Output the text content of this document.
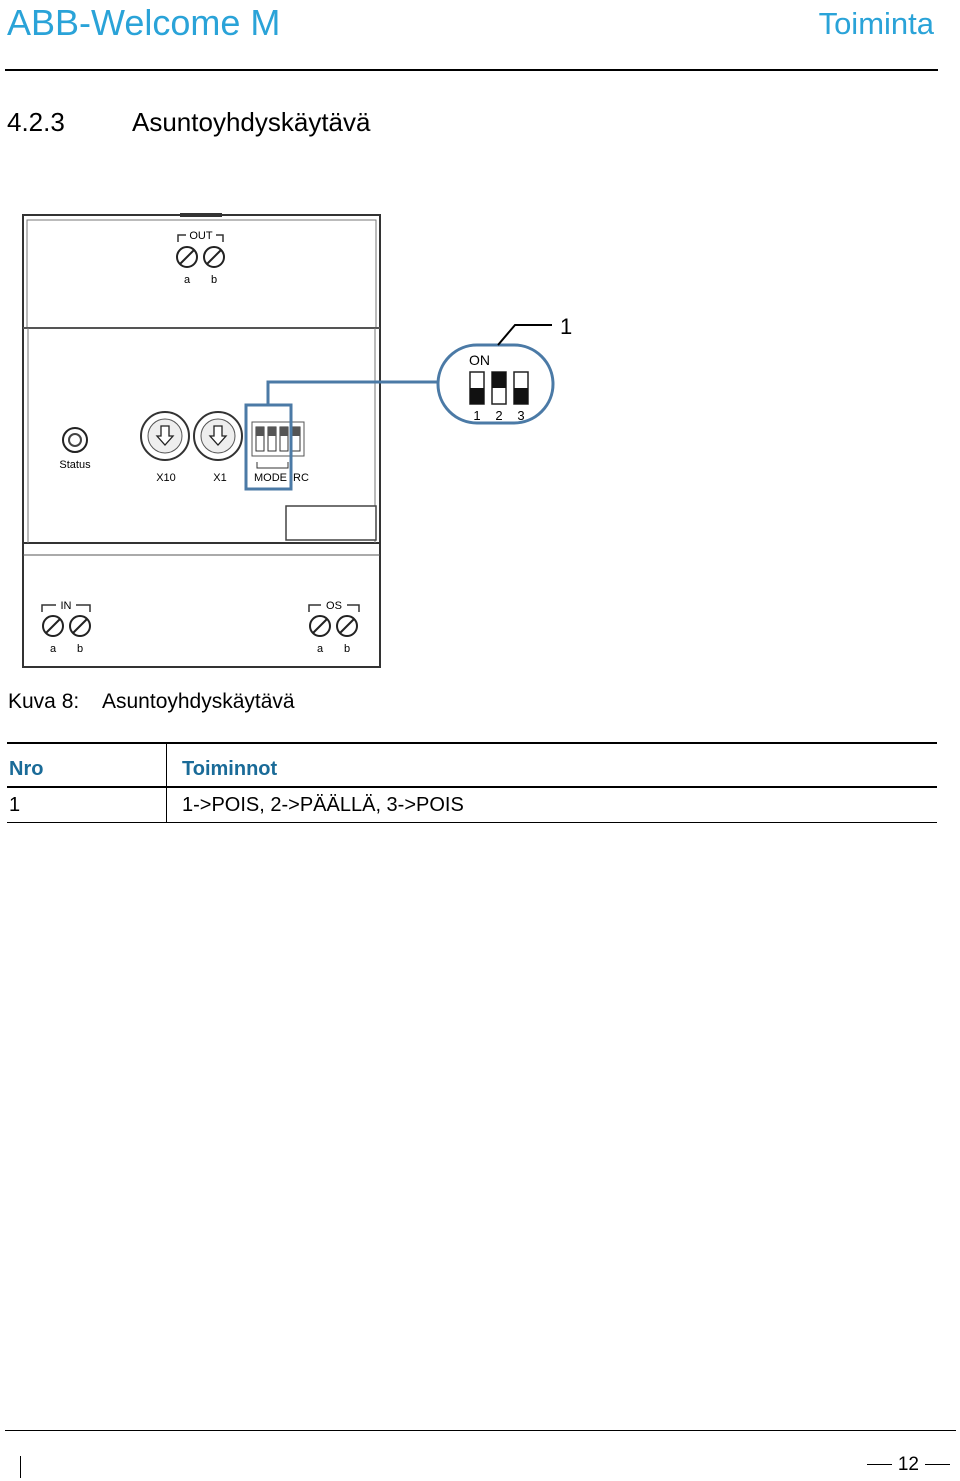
ABB-Welcome M	Toiminta
4.2.3	Asuntoyhdyskäytävä
OUT
a b
Status
X10	X1 MODE RC
ON
1 2 3
1
IN
a b
OS
a b
Kuva 8: Asuntoyhdyskäytävä
Nro	Toiminnot
1	1->POIS, 2->PÄÄLLÄ, 3->POIS
12
